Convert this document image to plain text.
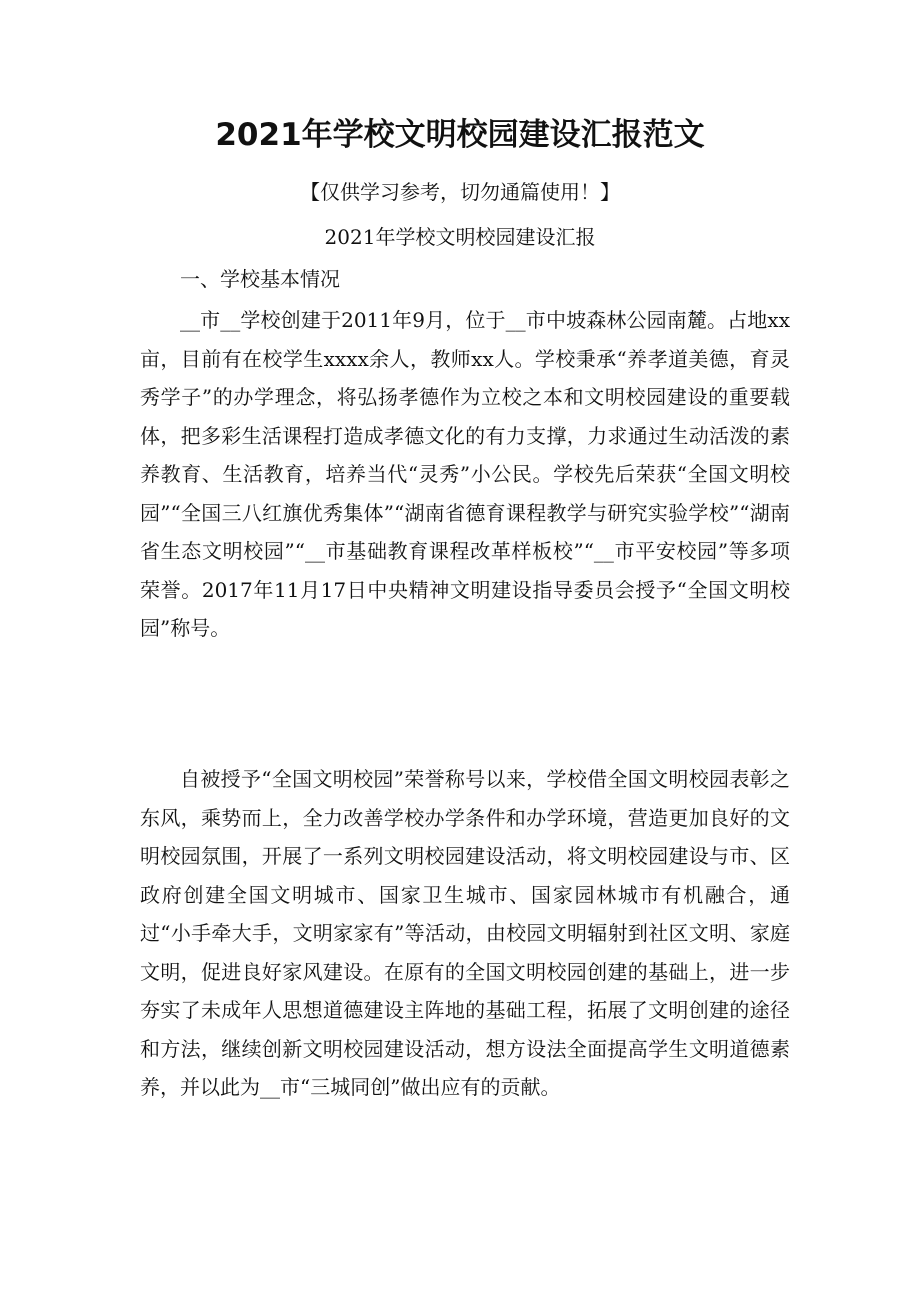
2021年学校文明校园建设汇报范文
【仅供学习参考，切勿通篇使用！】
2021年学校文明校园建设汇报
一、学校基本情况

__市__学校创建于2011年9月，位于__市中坡森林公园南麓。占地xx亩，目前有在校学生xxxx余人，教师xx人。学校秉承“养孝道美德，育灵秀学子”的办学理念，将弘扬孝德作为立校之本和文明校园建设的重要载体，把多彩生活课程打造成孝德文化的有力支撑，力求通过生动活泼的素养教育、生活教育，培养当代“灵秀”小公民。学校先后荣获“全国文明校园”“全国三八红旗优秀集体”“湖南省德育课程教学与研究实验学校”“湖南省生态文明校园”“__市基础教育课程改革样板校”“__市平安校园”等多项荣誉。2017年11月17日中央精神文明建设指导委员会授予“全国文明校园”称号。

自被授予“全国文明校园”荣誉称号以来，学校借全国文明校园表彰之东风，乘势而上，全力改善学校办学条件和办学环境，营造更加良好的文明校园氛围，开展了一系列文明校园建设活动，将文明校园建设与市、区政府创建全国文明城市、国家卫生城市、国家园林城市有机融合，通过“小手牵大手，文明家家有”等活动，由校园文明辐射到社区文明、家庭文明，促进良好家风建设。在原有的全国文明校园创建的基础上，进一步夯实了未成年人思想道德建设主阵地的基础工程，拓展了文明创建的途径和方法，继续创新文明校园建设活动，想方设法全面提高学生文明道德素养，并以此为__市“三城同创”做出应有的贡献。
